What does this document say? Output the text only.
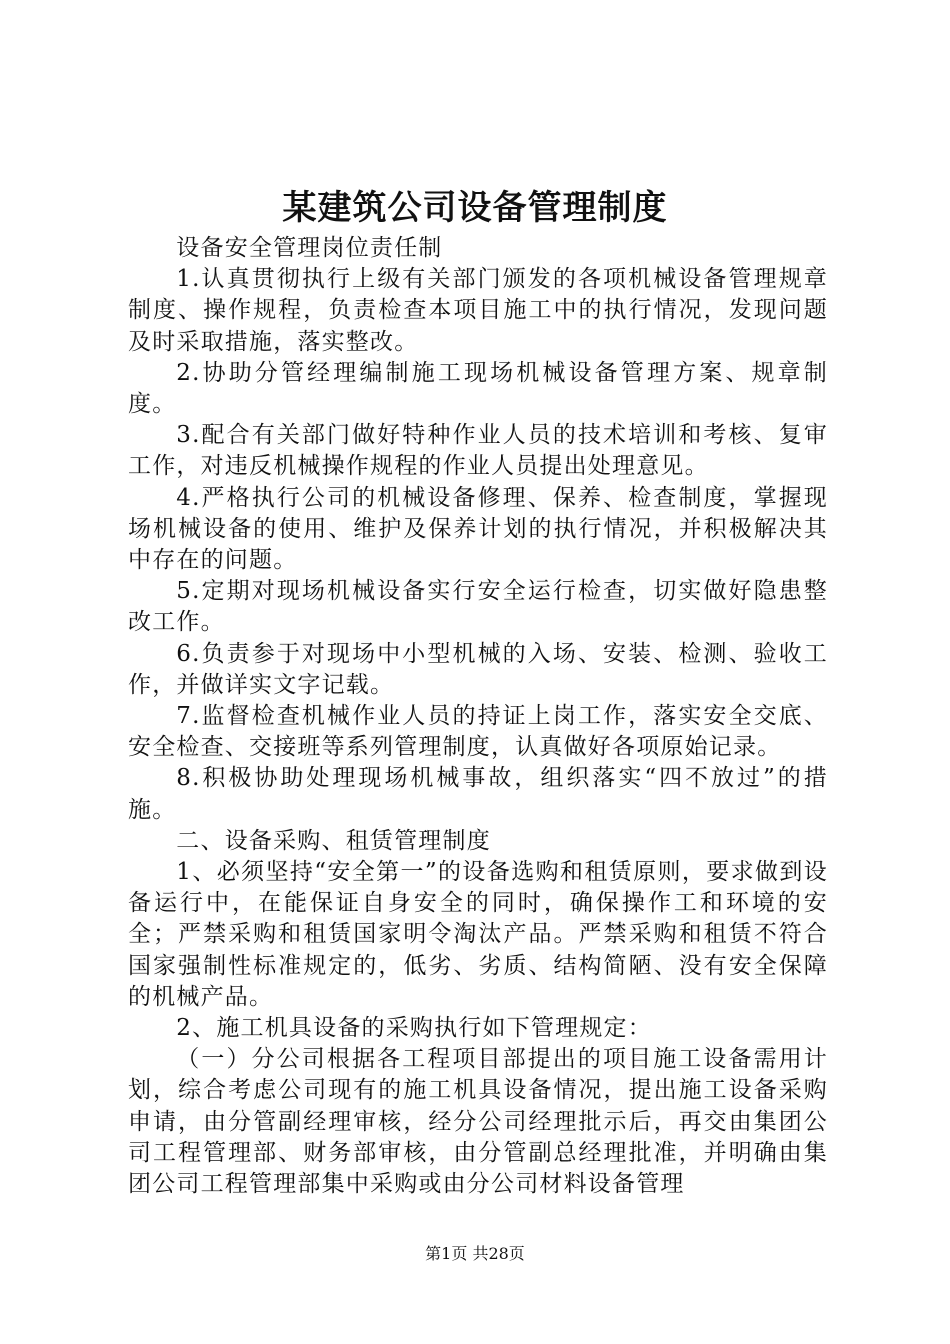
某建筑公司设备管理制度

设备安全管理岗位责任制

1.认真贯彻执行上级有关部门颁发的各项机械设备管理规章制度、操作规程，负责检查本项目施工中的执行情况，发现问题及时采取措施，落实整改。

2.协助分管经理编制施工现场机械设备管理方案、规章制度。

3.配合有关部门做好特种作业人员的技术培训和考核、复审工作，对违反机械操作规程的作业人员提出处理意见。

4.严格执行公司的机械设备修理、保养、检查制度，掌握现场机械设备的使用、维护及保养计划的执行情况，并积极解决其中存在的问题。

5.定期对现场机械设备实行安全运行检查，切实做好隐患整改工作。

6.负责参于对现场中小型机械的入场、安装、检测、验收工作，并做详实文字记载。

7.监督检查机械作业人员的持证上岗工作，落实安全交底、安全检查、交接班等系列管理制度，认真做好各项原始记录。

8.积极协助处理现场机械事故，组织落实“四不放过”的措施。

二、设备采购、租赁管理制度

1、必须坚持“安全第一”的设备选购和租赁原则，要求做到设备运行中，在能保证自身安全的同时，确保操作工和环境的安全；严禁采购和租赁国家明令淘汰产品。严禁采购和租赁不符合国家强制性标准规定的，低劣、劣质、结构简陋、没有安全保障的机械产品。

2、施工机具设备的采购执行如下管理规定：

（一）分公司根据各工程项目部提出的项目施工设备需用计划，综合考虑公司现有的施工机具设备情况，提出施工设备采购申请，由分管副经理审核，经分公司经理批示后，再交由集团公司工程管理部、财务部审核，由分管副总经理批准，并明确由集团公司工程管理部集中采购或由分公司材料设备管理

第1页 共28页
